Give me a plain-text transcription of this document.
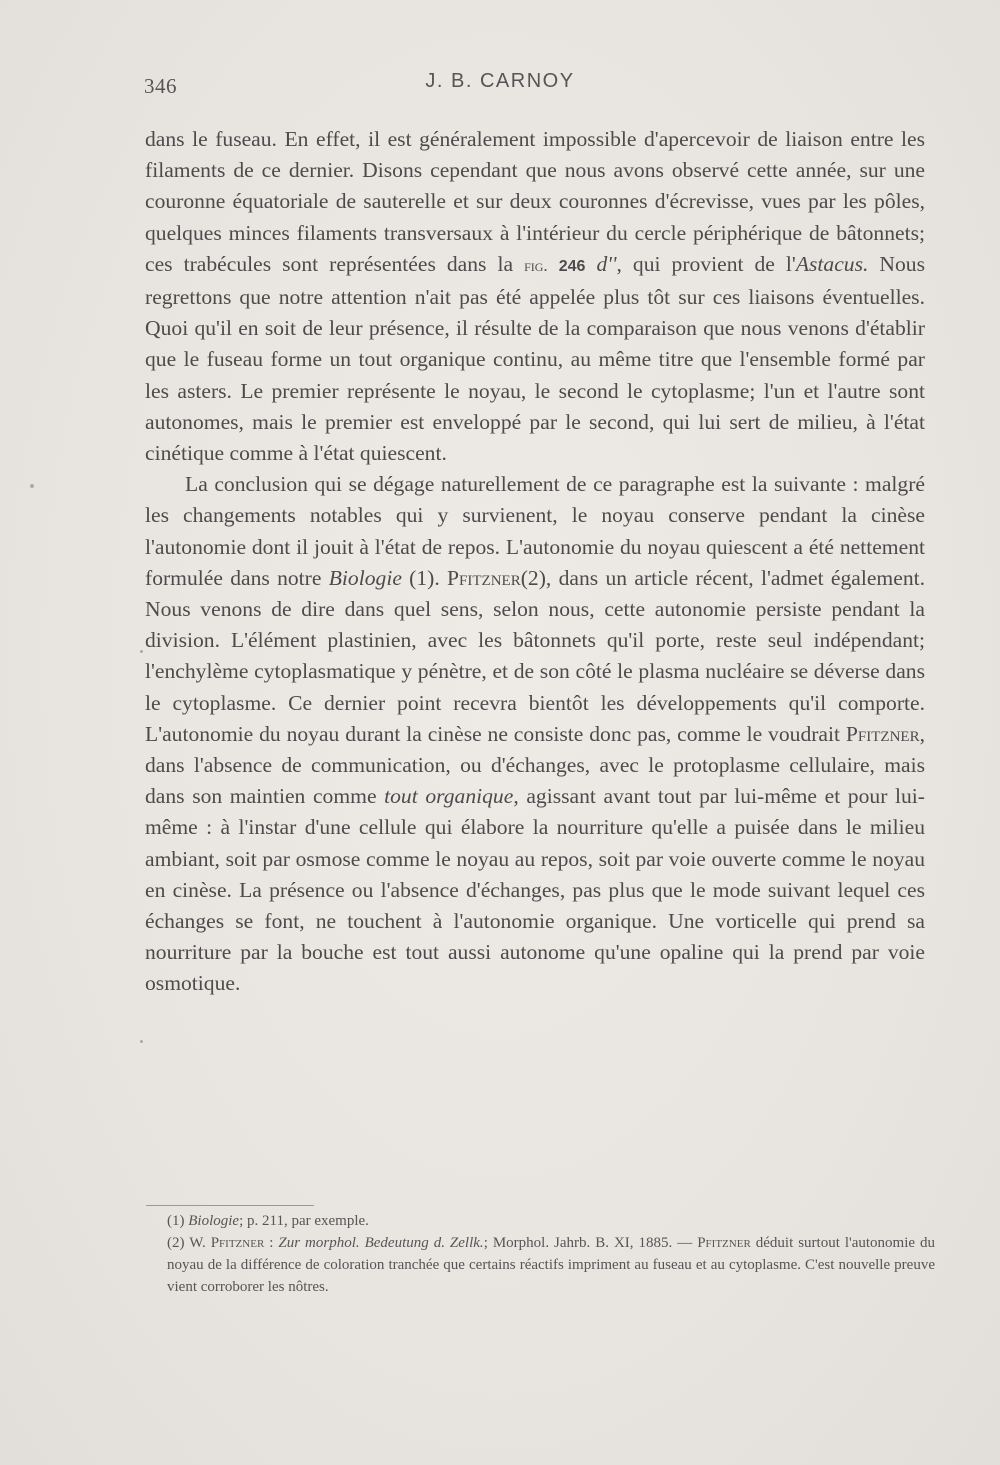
346	J. B. CARNOY

dans le fuseau. En effet, il est généralement impossible d'apercevoir de liaison entre les filaments de ce dernier. Disons cependant que nous avons observé cette année, sur une couronne équatoriale de sauterelle et sur deux couronnes d'écrevisse, vues par les pôles, quelques minces filaments transversaux à l'intérieur du cercle périphérique de bâtonnets; ces trabécules sont représentées dans la fig. 246 d'', qui provient de l'Astacus. Nous regrettons que notre attention n'ait pas été appelée plus tôt sur ces liaisons éventuelles. Quoi qu'il en soit de leur présence, il résulte de la comparaison que nous venons d'établir que le fuseau forme un tout organique continu, au même titre que l'ensemble formé par les asters. Le premier représente le noyau, le second le cytoplasme; l'un et l'autre sont autonomes, mais le premier est enveloppé par le second, qui lui sert de milieu, à l'état cinétique comme à l'état quiescent.

La conclusion qui se dégage naturellement de ce paragraphe est la suivante : malgré les changements notables qui y survienent, le noyau conserve pendant la cinèse l'autonomie dont il jouit à l'état de repos. L'autonomie du noyau quiescent a été nettement formulée dans notre Biologie (1). Pfitzner(2), dans un article récent, l'admet également. Nous venons de dire dans quel sens, selon nous, cette autonomie persiste pendant la division. L'élément plastinien, avec les bâtonnets qu'il porte, reste seul indépendant; l'enchylème cytoplasmatique y pénètre, et de son côté le plasma nucléaire se déverse dans le cytoplasme. Ce dernier point recevra bientôt les développements qu'il comporte. L'autonomie du noyau durant la cinèse ne consiste donc pas, comme le voudrait Pfitzner, dans l'absence de communication, ou d'échanges, avec le protoplasme cellulaire, mais dans son maintien comme tout organique, agissant avant tout par lui-même et pour lui-même : à l'instar d'une cellule qui élabore la nourriture qu'elle a puisée dans le milieu ambiant, soit par osmose comme le noyau au repos, soit par voie ouverte comme le noyau en cinèse. La présence ou l'absence d'échanges, pas plus que le mode suivant lequel ces échanges se font, ne touchent à l'autonomie organique. Une vorticelle qui prend sa nourriture par la bouche est tout aussi autonome qu'une opaline qui la prend par voie osmotique.

(1) Biologie; p. 211, par exemple.

(2) W. Pfitzner : Zur morphol. Bedeutung d. Zellk.; Morphol. Jahrb. B. XI, 1885. — Pfitzner déduit surtout l'autonomie du noyau de la différence de coloration tranchée que certains réactifs impriment au fuseau et au cytoplasme. C'est nouvelle preuve vient corroborer les nôtres.
